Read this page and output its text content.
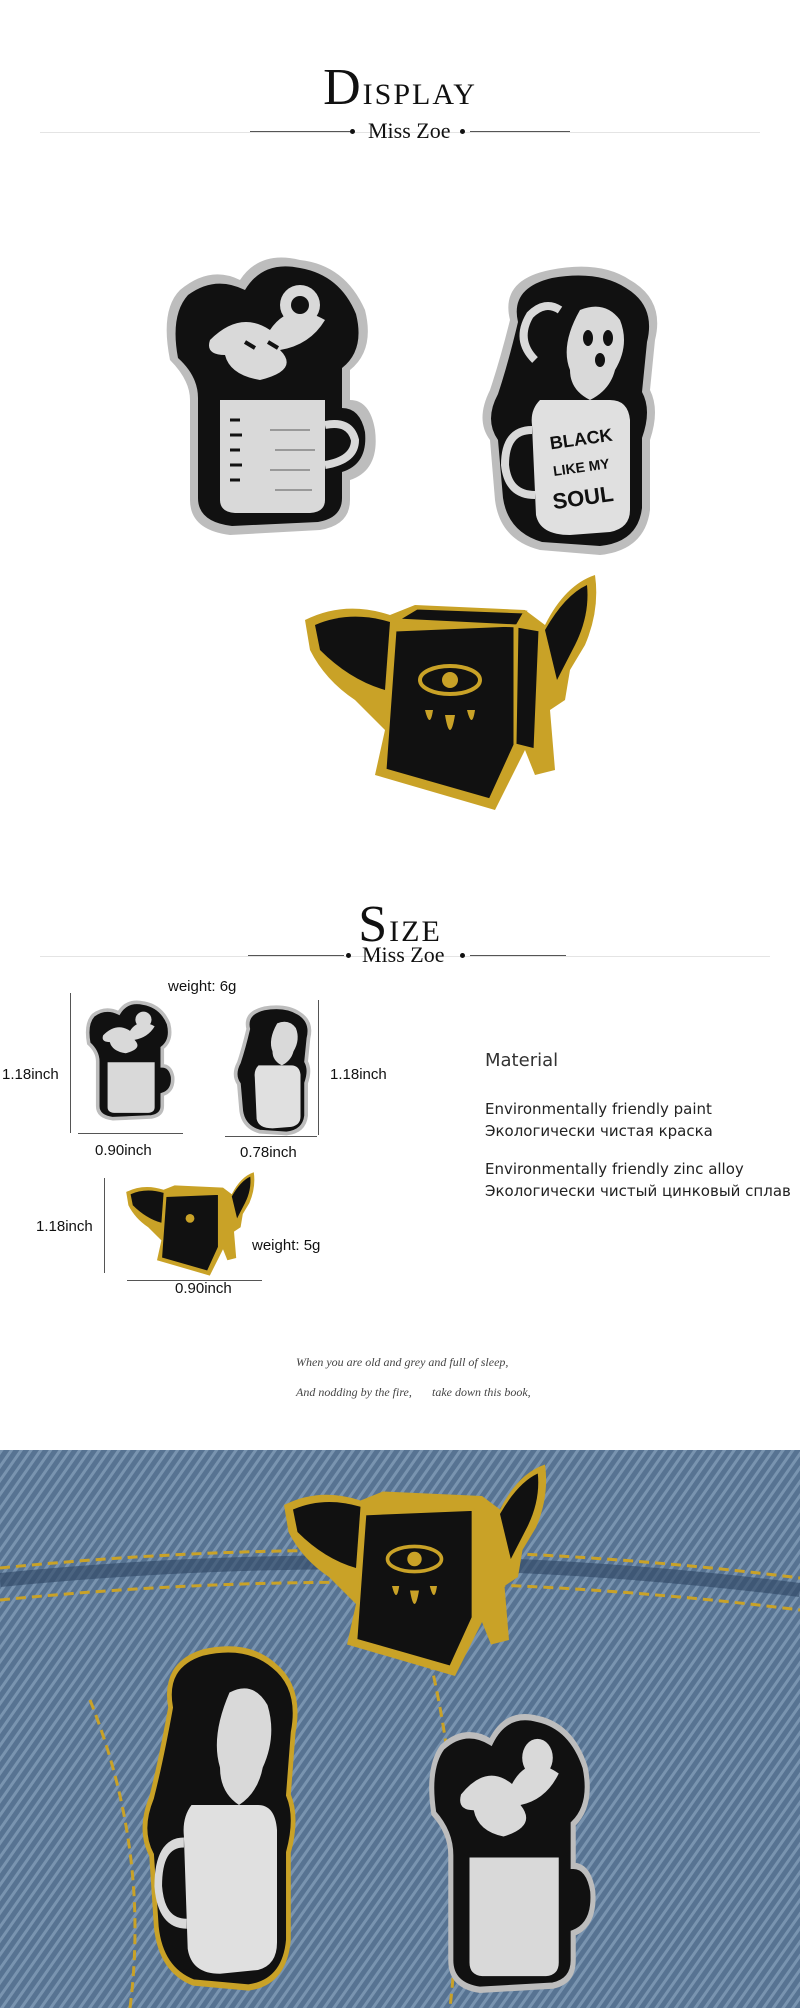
DISPLAY
Miss Zoe
BLACK
LIKE MY
SOUL
SIZE
Miss Zoe
weight: 6g
1.18inch
0.90inch
1.18inch
0.78inch
1.18inch
weight: 5g
0.90inch
Material
Environmentally friendly paint
Экологически чистая краска
Environmentally friendly zinc alloy
Экологически чистый цинковый сплав
When you are old and grey and full of sleep,
And nodding by the fire, take down this book,
